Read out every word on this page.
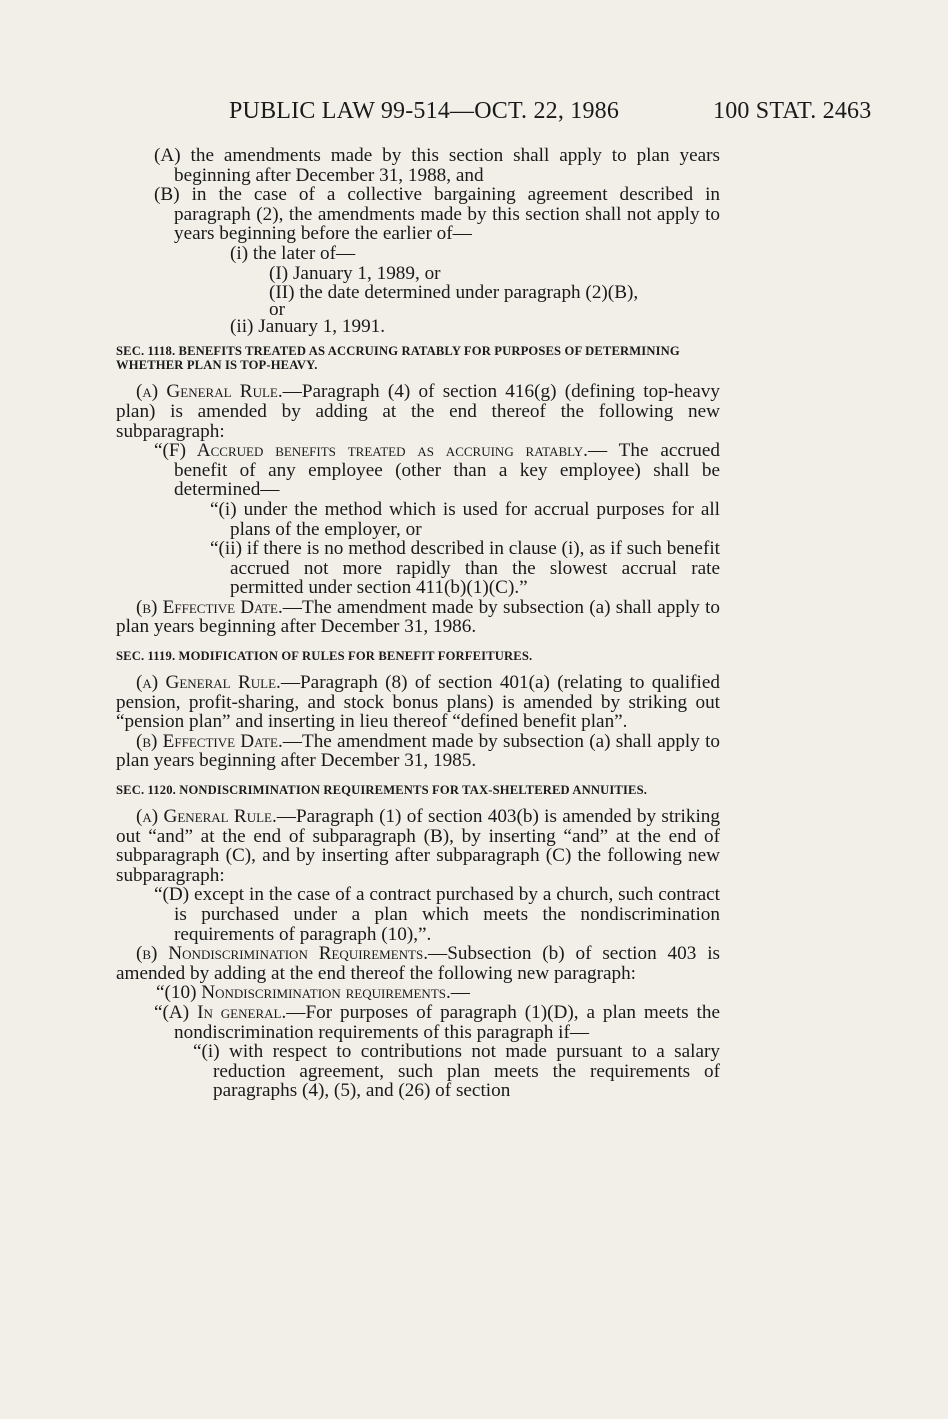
PUBLIC LAW 99-514—OCT. 22, 1986	100 STAT. 2463

(A) the amendments made by this section shall apply to plan years beginning after December 31, 1988, and

(B) in the case of a collective bargaining agreement described in paragraph (2), the amendments made by this section shall not apply to years beginning before the earlier of—

(i) the later of—

(I) January 1, 1989, or

(II) the date determined under paragraph (2)(B),

or

(ii) January 1, 1991.

SEC. 1118. BENEFITS TREATED AS ACCRUING RATABLY FOR PURPOSES OF DETERMINING WHETHER PLAN IS TOP-HEAVY.

(a) General Rule.—Paragraph (4) of section 416(g) (defining top-heavy plan) is amended by adding at the end thereof the following new subparagraph:

“(F) Accrued benefits treated as accruing ratably.— The accrued benefit of any employee (other than a key employee) shall be determined—

“(i) under the method which is used for accrual purposes for all plans of the employer, or

“(ii) if there is no method described in clause (i), as if such benefit accrued not more rapidly than the slowest accrual rate permitted under section 411(b)(1)(C).”

(b) Effective Date.—The amendment made by subsection (a) shall apply to plan years beginning after December 31, 1986.

SEC. 1119. MODIFICATION OF RULES FOR BENEFIT FORFEITURES.

(a) General Rule.—Paragraph (8) of section 401(a) (relating to qualified pension, profit-sharing, and stock bonus plans) is amended by striking out “pension plan” and inserting in lieu thereof “defined benefit plan”.

(b) Effective Date.—The amendment made by subsection (a) shall apply to plan years beginning after December 31, 1985.

SEC. 1120. NONDISCRIMINATION REQUIREMENTS FOR TAX-SHELTERED ANNUITIES.

(a) General Rule.—Paragraph (1) of section 403(b) is amended by striking out “and” at the end of subparagraph (B), by inserting “and” at the end of subparagraph (C), and by inserting after subparagraph (C) the following new subparagraph:

“(D) except in the case of a contract purchased by a church, such contract is purchased under a plan which meets the nondiscrimination requirements of paragraph (10),”.

(b) Nondiscrimination Requirements.—Subsection (b) of section 403 is amended by adding at the end thereof the following new paragraph:

“(10) Nondiscrimination requirements.—

“(A) In general.—For purposes of paragraph (1)(D), a plan meets the nondiscrimination requirements of this paragraph if—

“(i) with respect to contributions not made pursuant to a salary reduction agreement, such plan meets the requirements of paragraphs (4), (5), and (26) of section
